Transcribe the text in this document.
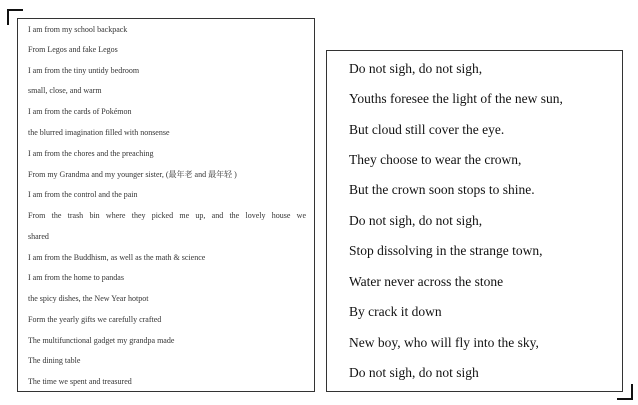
I am from my school backpack
From Legos and fake Legos
I am from the tiny untidy bedroom
small, close, and warm
I am from the cards of Pokémon
the blurred imagination filled with nonsense
I am from the chores and the preaching
From my Grandma and my younger sister, (最年老 and 最年轻 )
I am from the control and the pain
From the trash bin where they picked me up, and the lovely house we
shared
I am from the Buddhism, as well as the math & science
I am from the home to pandas
the spicy dishes, the New Year hotpot
Form the yearly gifts we carefully crafted
The multifunctional gadget my grandpa made
The dining table
The time we spent and treasured
Do not sigh, do not sigh,
Youths foresee the light of the new sun,
But cloud still cover the eye.
They choose to wear the crown,
But the crown soon stops to shine.
Do not sigh, do not sigh,
Stop dissolving in the strange town,
Water never across the stone
By crack it down
New boy, who will fly into the sky,
Do not sigh, do not sigh
